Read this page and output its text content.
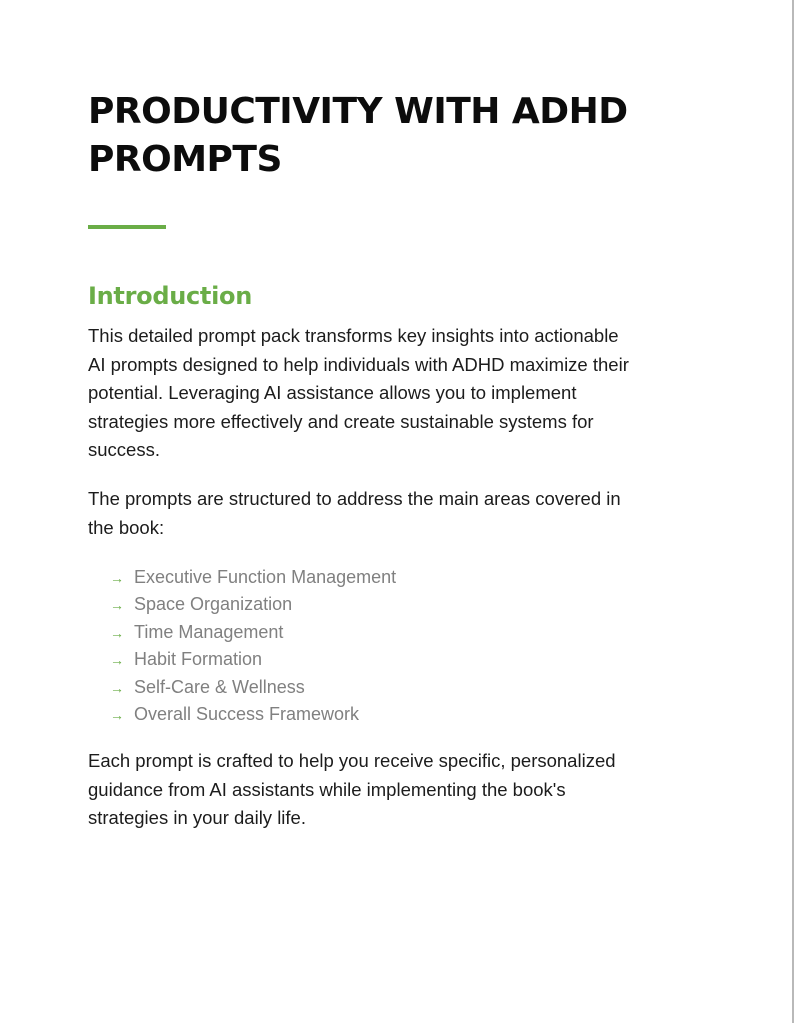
PRODUCTIVITY WITH ADHD
PROMPTS
Introduction

This detailed prompt pack transforms key insights into actionable
AI prompts designed to help individuals with ADHD maximize their
potential. Leveraging AI assistance allows you to implement
strategies more effectively and create sustainable systems for
success.

The prompts are structured to address the main areas covered in
the book:

→ Executive Function Management
→ Space Organization
→ Time Management
→ Habit Formation
→ Self-Care & Wellness
→ Overall Success Framework

Each prompt is crafted to help you receive specific, personalized
guidance from AI assistants while implementing the book's
strategies in your daily life.
